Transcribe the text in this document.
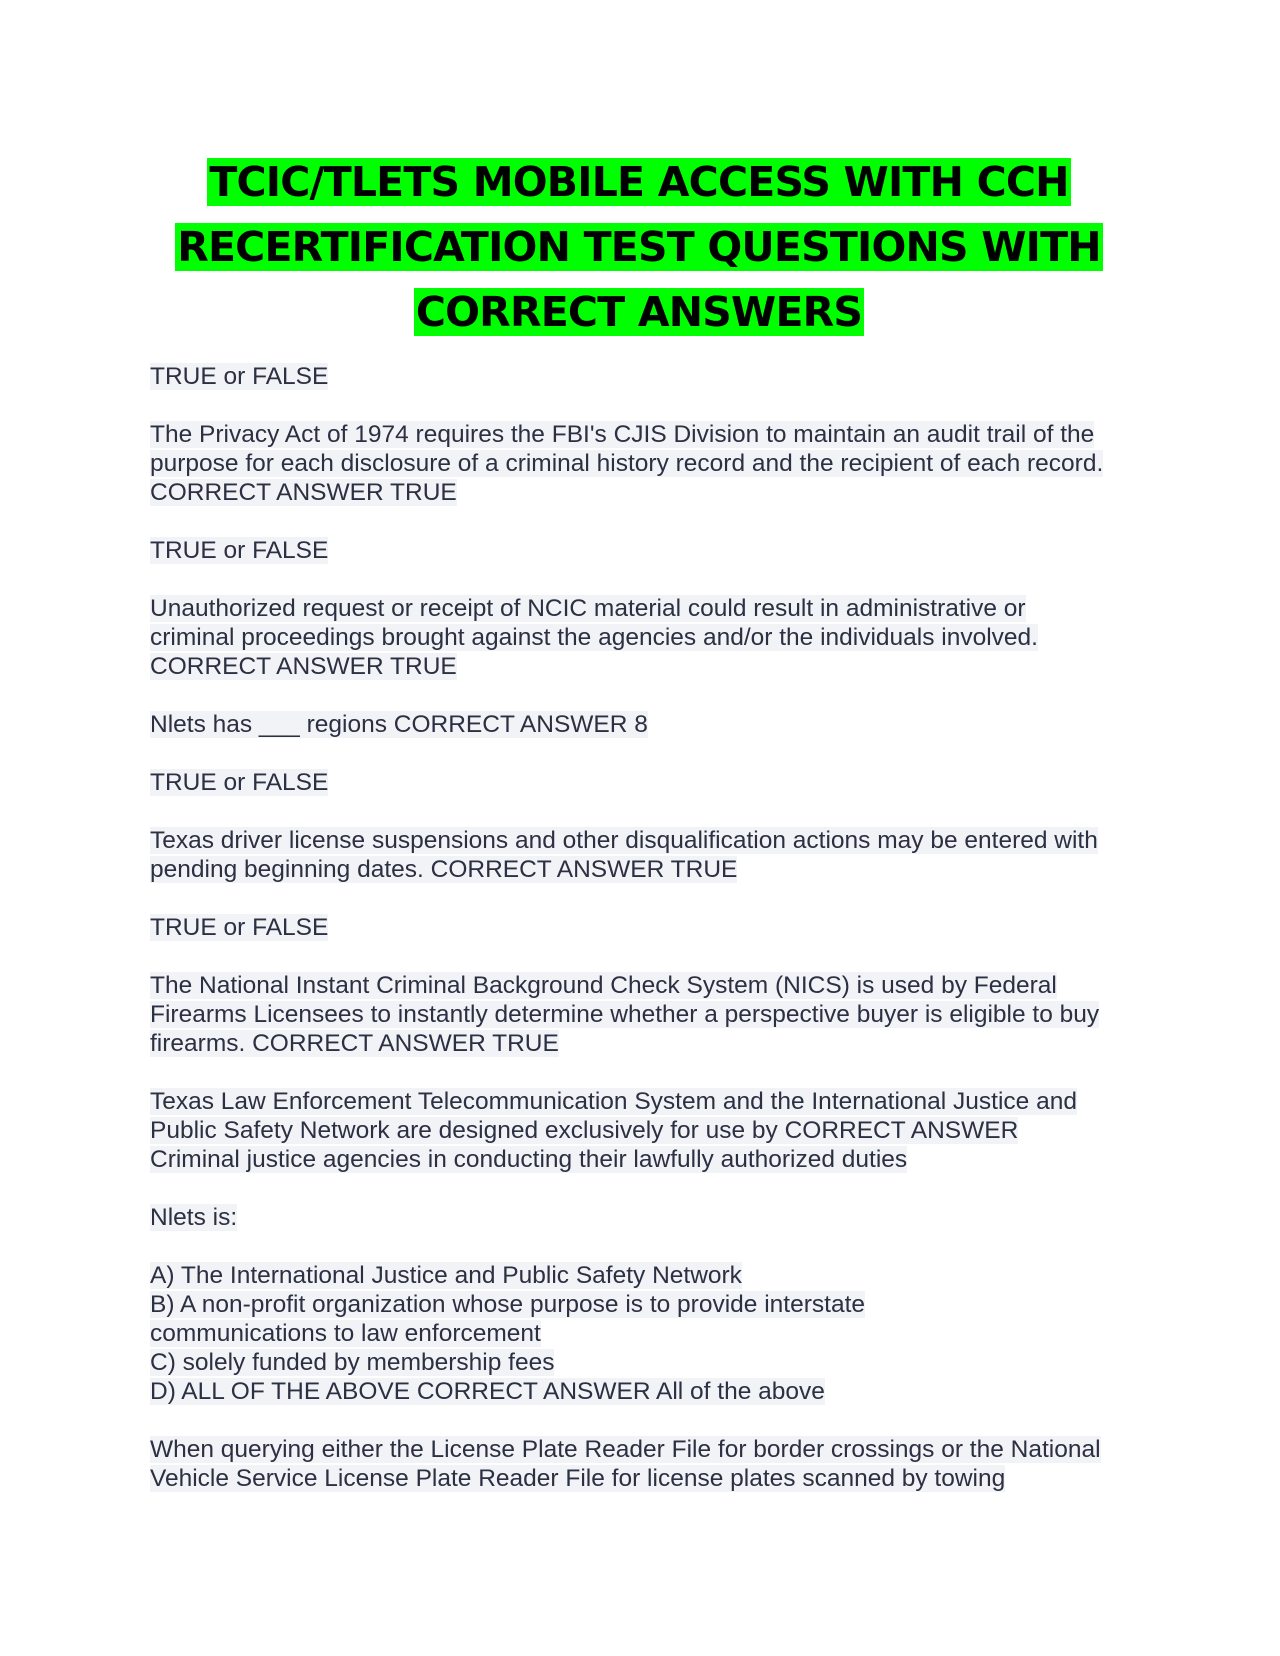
TCIC/TLETS MOBILE ACCESS WITH CCH
RECERTIFICATION TEST QUESTIONS WITH
CORRECT ANSWERS
TRUE or FALSE
The Privacy Act of 1974 requires the FBI's CJIS Division to maintain an audit trail of the
purpose for each disclosure of a criminal history record and the recipient of each record.
CORRECT ANSWER TRUE
TRUE or FALSE
Unauthorized request or receipt of NCIC material could result in administrative or
criminal proceedings brought against the agencies and/or the individuals involved.
CORRECT ANSWER TRUE
Nlets has ___ regions CORRECT ANSWER 8
TRUE or FALSE
Texas driver license suspensions and other disqualification actions may be entered with
pending beginning dates. CORRECT ANSWER TRUE
TRUE or FALSE
The National Instant Criminal Background Check System (NICS) is used by Federal
Firearms Licensees to instantly determine whether a perspective buyer is eligible to buy
firearms. CORRECT ANSWER TRUE
Texas Law Enforcement Telecommunication System and the International Justice and
Public Safety Network are designed exclusively for use by CORRECT ANSWER
Criminal justice agencies in conducting their lawfully authorized duties
Nlets is:
A) The International Justice and Public Safety Network
B) A non-profit organization whose purpose is to provide interstate
communications to law enforcement
C) solely funded by membership fees
D) ALL OF THE ABOVE CORRECT ANSWER All of the above
When querying either the License Plate Reader File for border crossings or the National
Vehicle Service License Plate Reader File for license plates scanned by towing
